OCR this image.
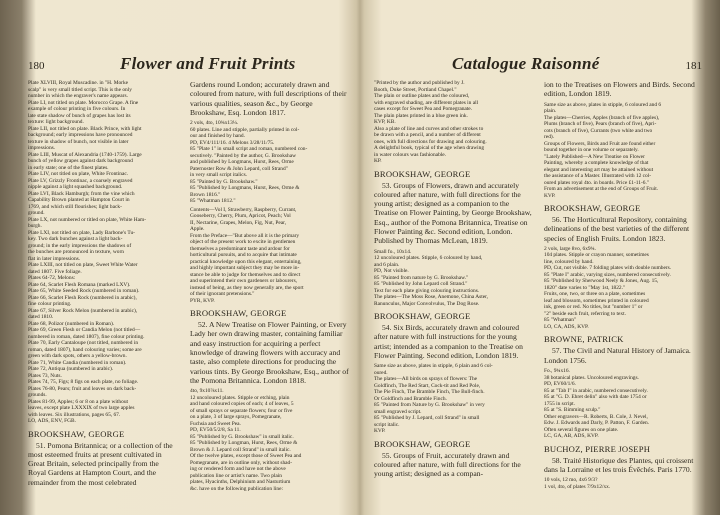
180	Flower and Fruit Prints
Plate XLVIII, Royal Muscadine. in "H. Morke
scalp" is very small titled script. This is the only
number in which the engraver's name appears.
Plate LI, not titled on plate. Morocco Grape. A fine
example of colour printing in five colours. In
late state shadow of bunch of grapes has lost its
texture: light background.
Plate LII, not titled on plate. Black Prince, with light
background; early impressions have pronounced
texture in shadow of bunch, not visible in later
impressions.
Plate LIII, Muscat of Alexandria (1740-1759). Large
bunch of yellow grapes against dark background
in early state; one of the finest plates.
Plate LIV, not titled on plate, White Frontinac.
Plate LV, Grizzly Frontinac, a coarsely engraved
nipple against a light squashed background.
Plate LVI, Black Hamburgh; from the vine which
Capability Brown planted at Hampton Court in
1769, and which still flourishes; light back-
ground.
Plate LX, not numbered or titled on plate, White Ham-
burgh.
Plate LXI, not titled on plate, Lady Barbone's Tu-
key. Two dark bunches against a light back-
ground; in the early impressions the shadows of
the bunches are pronounced in texture, worn
flat in later impressions.
Plate LXIII, not titled on plate, Sweet White Water
dated 1807. Five foliage.
Plates 64-72, Melons:
Plate 64, Scarlet Flesh Romana (marked LXV).
Plate 65, White Seeded Rock (numbered in roman).
Plate 66, Scarlet Flesh Rock (numbered in arabic),
fine colour printing.
Plate 67, Silver Rock Melon (numbered in arabic),
dated 1810.
Plate 68, Polizor (numbered in Roman).
Plate 69, Green Flesh or Candia Melon (not titled—
numbered in roman, dated 1807), fine colour printing.
Plate 70, Early Cantaloupe (not titled, numbered in
roman, dated 1807), hand colouring varies; some are
green with dark spots, others a yellow-brown.
Plate 71, White Candia (numbered in roman).
Plate 72, Antiqua (numbered in arabic).
Plates 73, Nuts.
Plates 74, 75, Figs; 8 figs on each plate, no foliage.
Plates 76-80, Pears; fruit and leaves on dark back-
grounds.
Plates 81-99, Apples; 6 or 8 on a plate without
leaves, except plate LXXXIX of two large apples
with leaves. Six illustrations, pages 65, 67.
LO, ADS, ENV, FGB.
BROOKSHAW, GEORGE
51. Pomona Britannica; or a collection of the most esteemed fruits at present cultivated in Great Britain, selected principally from the Royal Gardens at Hampton Court, and the remainder from the most celebrated
Gardens round London; accurately drawn and coloured from nature, with full descriptions of their various qualities, season &c., by George Brookshaw, Esq. London 1817.
2 vols, 4to, 10¾x13¼.
60 plates. Line and stipple, partially printed in col-
our and finished by hand.
PD, EV4/111/16. 4 Melons 3/28/11/75.
85 "Plate 1" in small script and roman, numbered con-
secutively. "Painted by the author, G. Brookshaw
and published by Longmans, Hurst, Rees, Orme
Paternoster Row & John Lepard, coll Strand"
in very small script italics.
85 "Painted by G. Brookshaw."
85 "Published by Longmans, Hurst, Rees, Orme &
Brown 1816."
85 "Whatman 1812."
Contents—Vol I, Strawberry, Raspberry, Currant,
Gooseberry, Cherry, Plum, Apricot, Peach; Vol
II, Nectarine, Grapes, Melon, Fig, Nut, Pear,
Apple.
From the Preface—"But above all it is the primary
object of the present work to excite in gentlemen
themselves a predominant taste and ardour for
horticultural pursuits, and to acquire that intimate
practical knowledge upon this elegant, entertaining,
and highly important subject they may be more in-
stance be able to judge for themselves and to direct
and superintend their own gardeners or labourers,
instead of being, as they now generally are, the sport
of their ignorant pretensions."
PYR, KVP.
BROOKSHAW, GEORGE
52. A New Treatise on Flower Painting, or Every Lady her own drawing master, containing familiar and easy instruction for acquiring a perfect knowledge of drawing flowers with accuracy and taste, also complete directions for producing the various tints. By George Brookshaw, Esq., author of the Pomona Britannica. London 1818.
4to, 9x10⅞x11.
12 uncoloured plates. Stipple or etching, plain
and hand coloured copies of each; 4 of leaves, 5
of small sprays or separate flowers; four or five
on a plate, 3 of large sprays, Pomegranate,
Fuchsia and Sweet Pea.
PD, EV50/5/2/8, Sa 11.
85 "Published by G. Brookshaw" in small italic.
85 "Published by Longman, Hurst, Rees, Orme &
Brown & J. Lepard coll Strand" in small italic.
Of the twelve plates, except those of Sweet Pea and
Pomegranate, are in outline only, without shad-
ing or rendered form and have not the above
publication line or artist's name. Two plain
plates, Hyacinths, Delphinium and Nasturtium
&c. have on the following publication line:
Catalogue Raisonné	181
"Printed by the author and published by J.
Booth, Duke Street, Portland Chapel."
The plain or outline plates and the coloured,
with engraved shading, are different plates in all
cases except for Sweet Pea and Pomegranate.
The plain plates printed in a blue green ink.
KVP, KB.
Also a plate of line and curves and other strokes to
be drawn with a pencil, and a number of different
ones, with full directions for drawing and colouring.
A delightful book, typical of the age when drawing
in water colours was fashionable.
KP.
BROOKSHAW, GEORGE
53. Groups of Flowers, drawn and accurately coloured after nature, with full directions for the young artist; designed as a companion to the Treatise on Flower Painting, by George Brookshaw, Esq., author of the Pomona Britannica, Treatise on Flower Painting &c. Second edition, London. Published by Thomas McLean, 1819.
Small fo., 10x14.
12 uncoloured plates. Stipple, 6 coloured by hand,
and 6 plain.
PD, Not visible.
85 "Painted from nature by G. Brookshaw."
85 "Published by John Lepard coll Strand."
Text for each plate giving colouring instructions.
The plates—The Moss Rose, Anemone, China Aster,
Ranunculus, Major Convolvulus, The Dog Rose.
BROOKSHAW, GEORGE
54. Six Birds, accurately drawn and coloured after nature with full instructions for the young artist; intended as a companion to the Treatise on Flower Painting. Second edition, London 1819.
Same size as above, plates in stipple, 6 plain and 6 col-
oured.
The plates—All birds on sprays of flowers: The
Goldfinch, The Red Start, Cock-tit and Red Pole,
The Pie Finch, The Bramble Finch, The Bull-finch.
Or Goldfinch and Bramble Finch.
85 "Painted from Nature by G. Brookshaw" in very
small engraved script.
85 "Published by J. Lepard, coll Strand" in small
script italic.
KVP.
BROOKSHAW, GEORGE
55. Groups of Fruit, accurately drawn and coloured after nature, with full directions for the young artist; designed as a compan-
ion to the Treatises on Flowers and Birds. Second edition, London 1819.
Same size as above, plates in stipple, 6 coloured and 6
plain.
The plates—Cherries, Apples (branch of five apples),
Plums (branch of five), Pears (branch of five), Apri-
cots (branch of five), Currants (two white and two
red).
Groups of Flowers, Birds and Fruit are found either
bound together in one volume or separately.
"Lately Published—A New Treatise on Flower
Painting, whereby a complete knowledge of that
elegant and interesting art may be attained without
the assistance of a Master. Illustrated with 12 col-
oured plates royal 4to. in boards. Price £1-11-6."
From an advertisement at the end of Groups of Fruit.
KVP.
BROOKSHAW, GEORGE
56. The Horticultural Repository, containing delineations of the best varieties of the different species of English Fruits. London 1823.
2 vols, large 8vo, 6x9¾.
104 plates. Stipple or crayon manner, sometimes
line, coloured by hand.
PD, Cut, not visible. 7 folding plates with double numbers.
85 "Plate I" arabic, varying sizes, numbered consecutively.
85 "Published by Sherwood Neely & Jones, Aug. 15,
1820" date varies to "May 1st, 1822."
Fruits, one, two, or three on a plate, sometimes
leaf and blossom, sometimes printed in coloured
ink, green or red. No titles, but "number 1" or
"2" beside each fruit, referring to text.
85 "Whatman"
LO, CA, ADS, KVP.
BROWNE, PATRICK
57. The Civil and Natural History of Jamaica. London 1756.
Fo., 9¾x16.
38 botanical plates. Uncoloured engravings.
PD, EV60/1/6.
85 at "Tab I" in arabic, numbered consecutively.
85 at "G. D. Ehret delin" also with date 1754 or
1755 in script.
85 at "S. Bimming sculp."
Other engravers—R. Roberts, B. Cole, J. Nevel,
Edw. J. Edwards and Darly, P. Patton, F. Garden.
Often several figures on one plate.
LC, GA, AB, ADS, KVP.
BUCHOZ, PIERRE JOSEPH
58. Traité Historique des Plantes, qui croissent dans la Lorraine et les trois Évêchés. Paris 1770.
10 vols, 12 mo, 4x6 9/3?
1 vol, 4to, of plates 7/9x12/xx.
